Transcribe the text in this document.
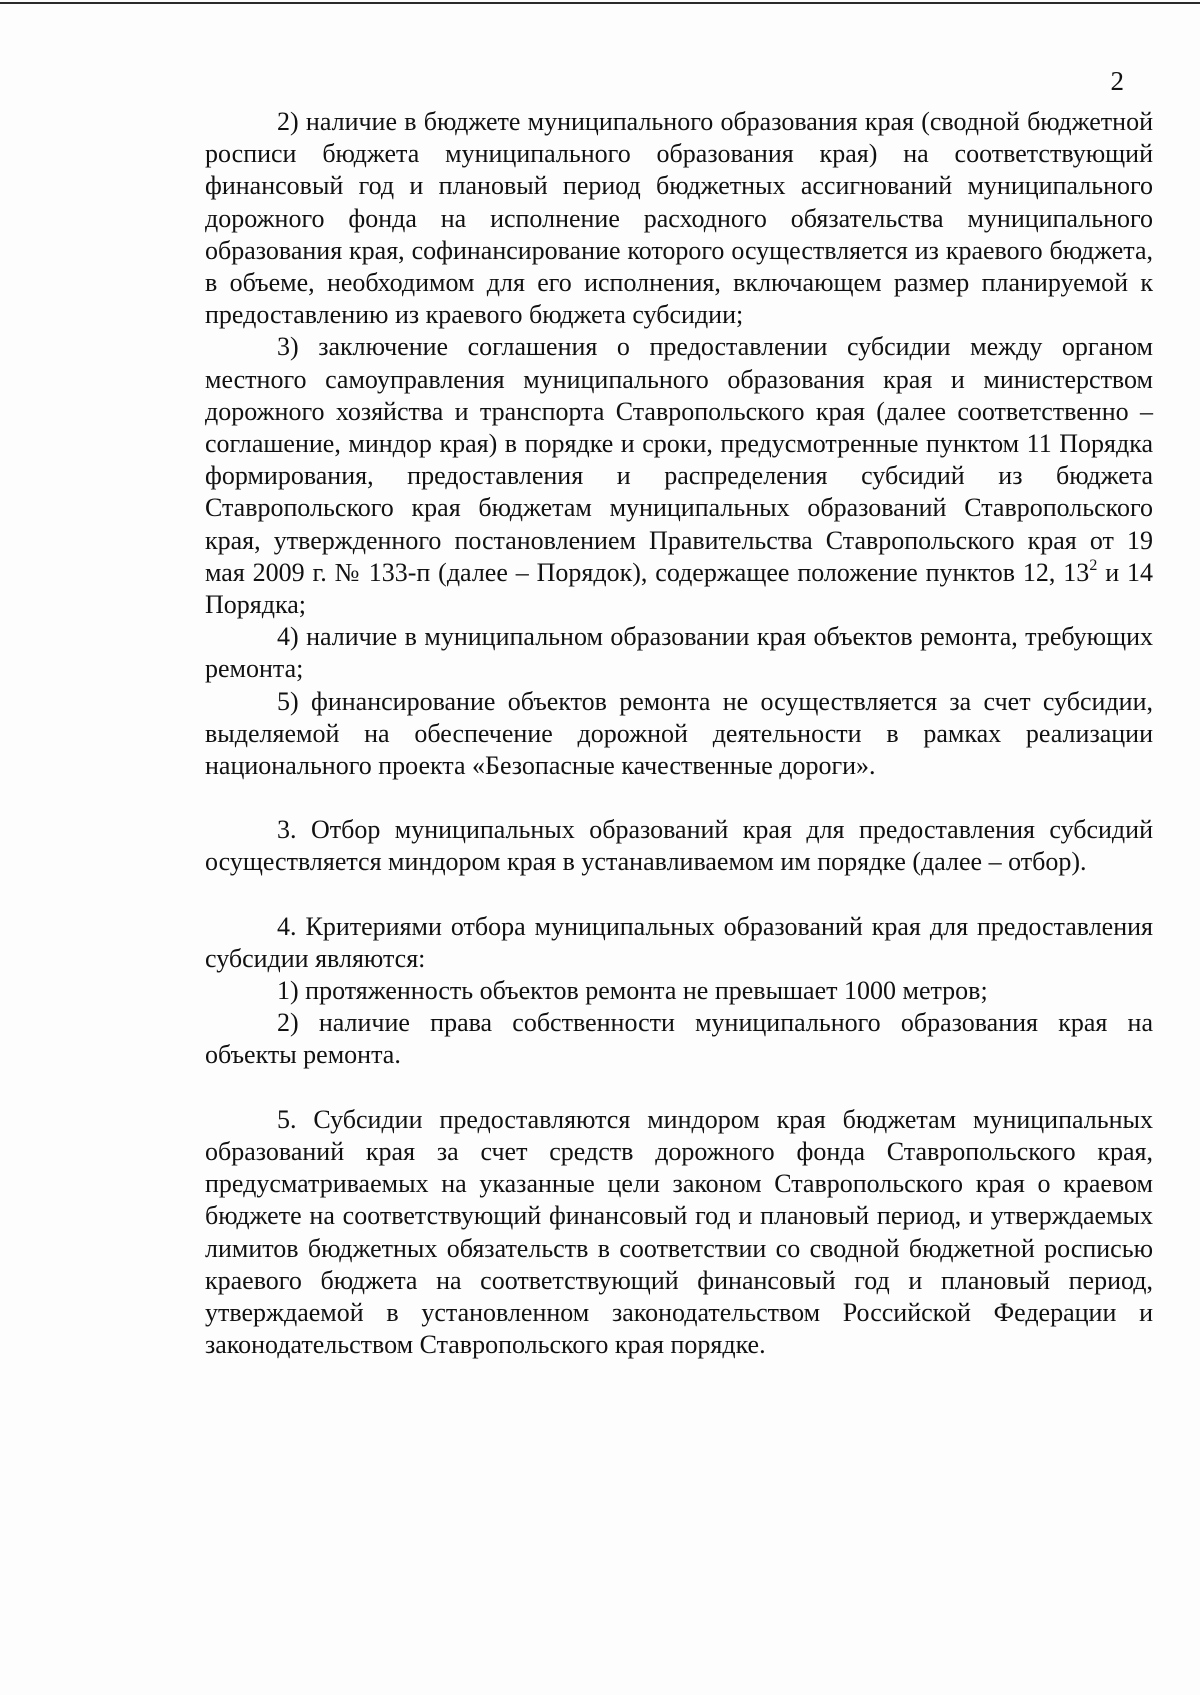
2

2) наличие в бюджете муниципального образования края (сводной бюджетной росписи бюджета муниципального образования края) на соответствующий финансовый год и плановый период бюджетных ассигнований муниципального дорожного фонда на исполнение расходного обязательства муниципального образования края, софинансирование которого осуществляется из краевого бюджета, в объеме, необходимом для его исполнения, включающем размер планируемой к предоставлению из краевого бюджета субсидии;

3) заключение соглашения о предоставлении субсидии между органом местного самоуправления муниципального образования края и министерством дорожного хозяйства и транспорта Ставропольского края (далее соответственно – соглашение, миндор края) в порядке и сроки, предусмотренные пунктом 11 Порядка формирования, предоставления и распределения субсидий из бюджета Ставропольского края бюджетам муниципальных образований Ставропольского края, утвержденного постановлением Правительства Ставропольского края от 19 мая 2009 г. № 133-п (далее – Порядок), содержащее положение пунктов 12, $13^2$ и 14 Порядка;

4) наличие в муниципальном образовании края объектов ремонта, требующих ремонта;

5) финансирование объектов ремонта не осуществляется за счет субсидии, выделяемой на обеспечение дорожной деятельности в рамках реализации национального проекта «Безопасные качественные дороги».

3. Отбор муниципальных образований края для предоставления субсидий осуществляется миндором края в устанавливаемом им порядке (далее – отбор).

4. Критериями отбора муниципальных образований края для предоставления субсидии являются:

1) протяженность объектов ремонта не превышает 1000 метров;

2) наличие права собственности муниципального образования края на объекты ремонта.

5. Субсидии предоставляются миндором края бюджетам муниципальных образований края за счет средств дорожного фонда Ставропольского края, предусматриваемых на указанные цели законом Ставропольского края о краевом бюджете на соответствующий финансовый год и плановый период, и утверждаемых лимитов бюджетных обязательств в соответствии со сводной бюджетной росписью краевого бюджета на соответствующий финансовый год и плановый период, утверждаемой в установленном законодательством Российской Федерации и законодательством Ставропольского края порядке.
